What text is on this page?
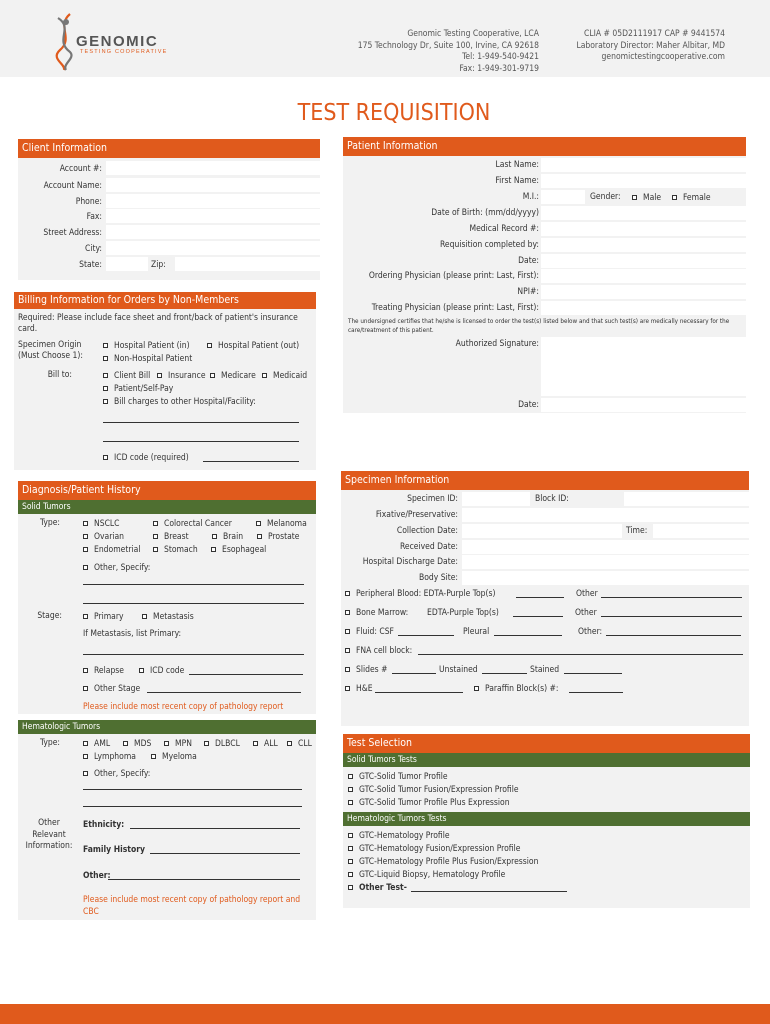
GENOMIC
TESTING COOPERATIVE
Genomic Testing Cooperative, LCA
175 Technology Dr, Suite 100, Irvine, CA 92618
Tel: 1-949-540-9421
Fax: 1-949-301-9719
CLIA # 05D2111917 CAP # 9441574
Laboratory Director: Maher Albitar, MD
genomictestingcooperative.com
TEST REQUISITION
Client Information
Account #:
Account Name:
Phone:
Fax:
Street Address:
City:
State:	Zip:
Billing Information for Orders by Non-Members
Required: Please include face sheet and front/back of patient's insurance card.
Specimen Origin (Must Choose 1):
Hospital Patient (in)	Hospital Patient (out)
Non-Hospital Patient
Bill to:	Client Bill	Insurance	Medicare	Medicaid
Patient/Self-Pay
Bill charges to other Hospital/Facility:
ICD code (required)
Patient Information
Last Name:
First Name:
M.I.:	Gender:	Male	Female
Date of Birth: (mm/dd/yyyy)
Medical Record #:
Requisition completed by:
Date:
Ordering Physician (please print: Last, First):
NPI#:
Treating Physician (please print: Last, First):
The undersigned certifies that he/she is licensed to order the test(s) listed below and that such test(s) are medically necessary for the care/treatment of this patient.
Authorized Signature:
Date:
Diagnosis/Patient History
Solid Tumors
Type:	NSCLC	Colorectal Cancer	Melanoma
Ovarian	Breast	Brain	Prostate
Endometrial	Stomach	Esophageal
Other, Specify:
Stage:	Primary	Metastasis
If Metastasis, list Primary:
Relapse	ICD code
Other Stage
Please include most recent copy of pathology report
Hematologic Tumors
Type:	AML	MDS	MPN	DLBCL	ALL	CLL
Lymphoma	Myeloma
Other, Specify:
Other Relevant Information:
Ethnicity:
Family History
Other:
Please include most recent copy of pathology report and CBC
Specimen Information
Specimen ID:	Block ID:
Fixative/Preservative:
Collection Date:	Time:
Received Date:
Hospital Discharge Date:
Body Site:
Peripheral Blood: EDTA-Purple Top(s)	Other
Bone Marrow: EDTA-Purple Top(s)	Other
Fluid: CSF	Pleural	Other:
FNA cell block:
Slides #	Unstained	Stained
H&E	Paraffin Block(s) #:
Test Selection
Solid Tumors Tests
GTC-Solid Tumor Profile
GTC-Solid Tumor Fusion/Expression Profile
GTC-Solid Tumor Profile Plus Expression
Hematologic Tumors Tests
GTC-Hematology Profile
GTC-Hematology Fusion/Expression Profile
GTC-Hematology Profile Plus Fusion/Expression
GTC-Liquid Biopsy, Hematology Profile
Other Test-
